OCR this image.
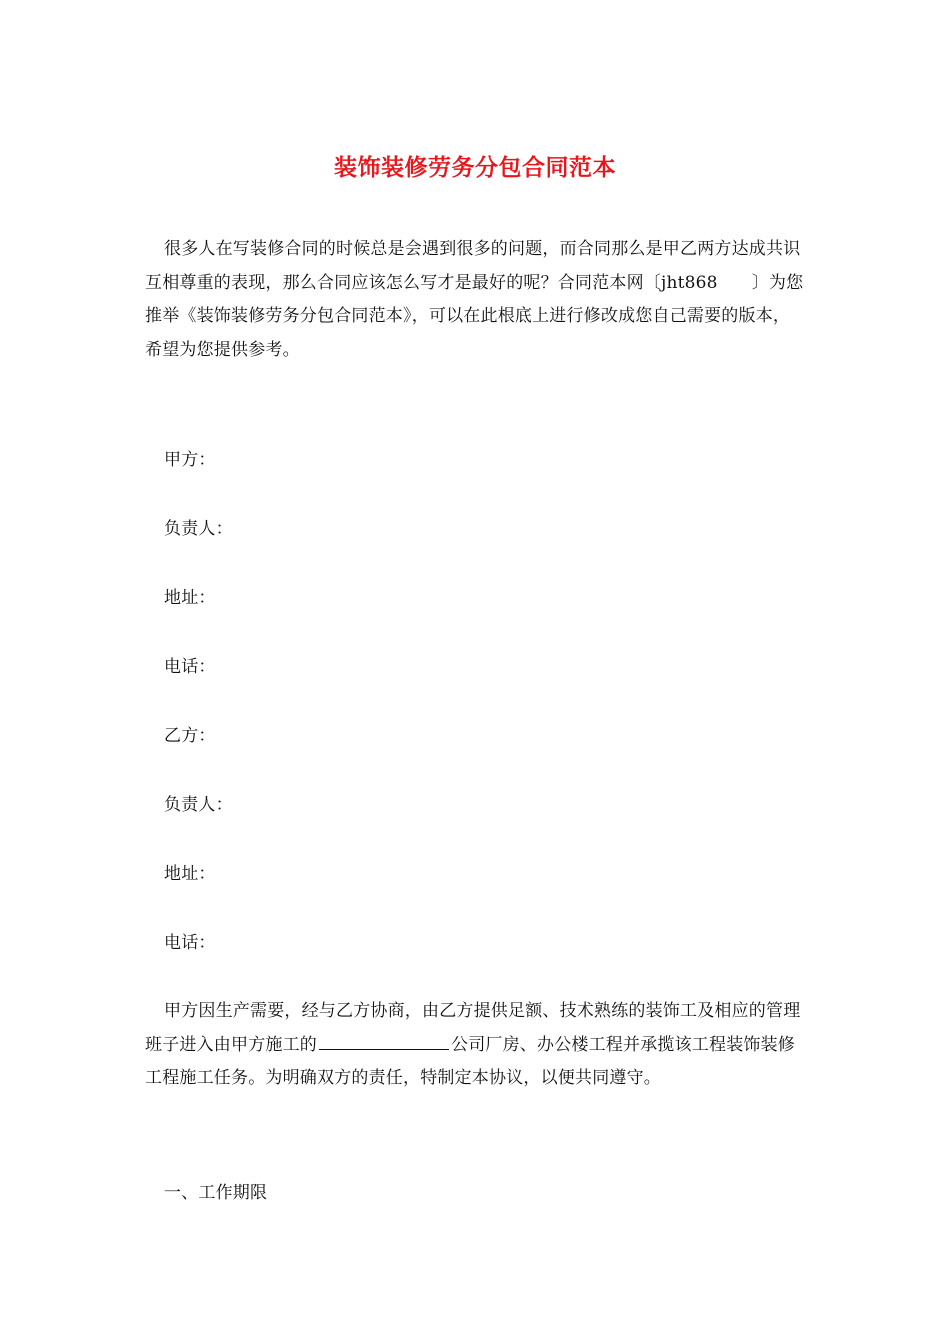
装饰装修劳务分包合同范本

很多人在写装修合同的时候总是会遇到很多的问题，而合同那么是甲乙两方达成共识互相尊重的表现，那么合同应该怎么写才是最好的呢？合同范本网〔jht868 〕为您推举《装饰装修劳务分包合同范本》，可以在此根底上进行修改成您自己需要的版本，希望为您提供参考。

甲方：
负责人：
地址：
电话：
乙方：
负责人：
地址：
电话：

甲方因生产需要，经与乙方协商，由乙方提供足额、技术熟练的装饰工及相应的管理班子进入由甲方施工的	公司厂房、办公楼工程并承揽该工程装饰装修工程施工任务。为明确双方的责任，特制定本协议，以便共同遵守。

一、工作期限
